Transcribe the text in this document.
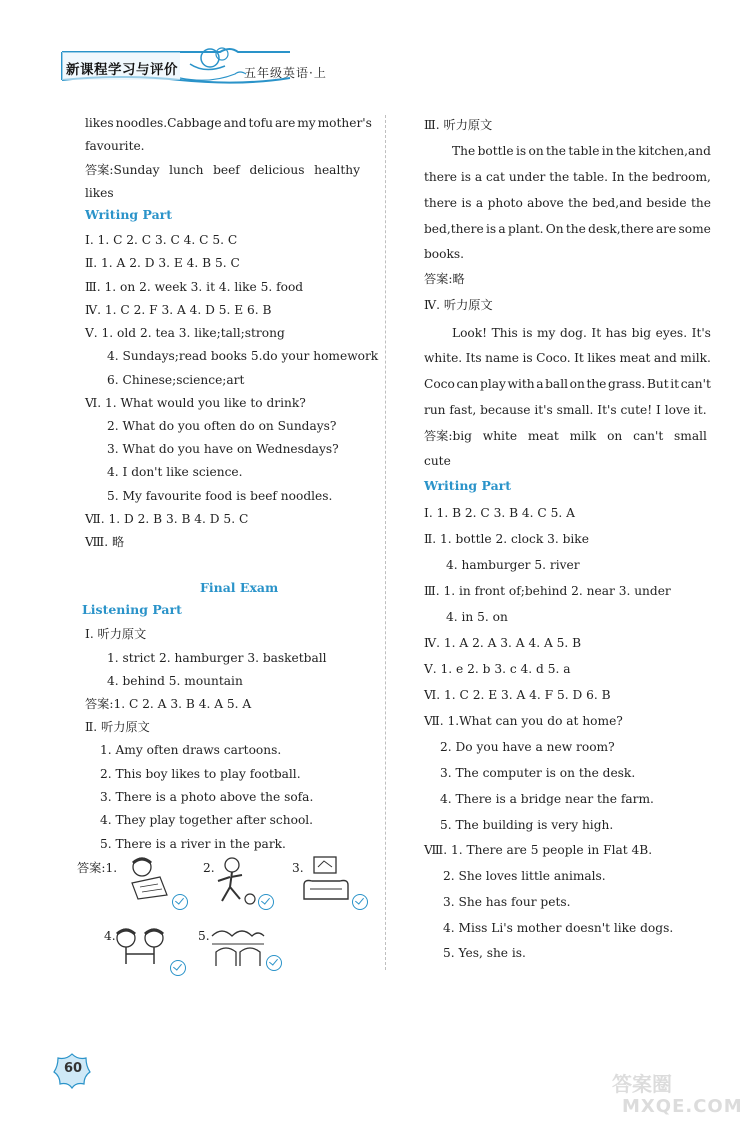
新课程学习与评价	五年级英语·上
likes noodles.Cabbage and tofu are my mother's
favourite.
答案:Sunday lunch beef delicious healthy
likes
Writing Part
Ⅰ. 1. C 2. C 3. C 4. C 5. C
Ⅱ. 1. A 2. D 3. E 4. B 5. C
Ⅲ. 1. on 2. week 3. it 4. like 5. food
Ⅳ. 1. C 2. F 3. A 4. D 5. E 6. B
Ⅴ. 1. old 2. tea 3. like;tall;strong
4. Sundays;read books 5.do your homework
6. Chinese;science;art
Ⅵ. 1. What would you like to drink?
2. What do you often do on Sundays?
3. What do you have on Wednesdays?
4. I don't like science.
5. My favourite food is beef noodles.
Ⅶ. 1. D 2. B 3. B 4. D 5. C
Ⅷ. 略
Final Exam
Listening Part
Ⅰ. 听力原文
1. strict 2. hamburger 3. basketball
4. behind 5. mountain
答案:1. C 2. A 3. B 4. A 5. A
Ⅱ. 听力原文
1. Amy often draws cartoons.
2. This boy likes to play football.
3. There is a photo above the sofa.
4. They play together after school.
5. There is a river in the park.
答案:1.	2.	3.
4.	5.
Ⅲ. 听力原文
The bottle is on the table in the kitchen,and
there is a cat under the table. In the bedroom,
there is a photo above the bed,and beside the
bed,there is a plant. On the desk,there are some
books.
答案:略
Ⅳ. 听力原文
Look! This is my dog. It has big eyes. It's
white. Its name is Coco. It likes meat and milk.
Coco can play with a ball on the grass. But it can't
run fast, because it's small. It's cute! I love it.
答案:big white meat milk on can't small
cute
Writing Part
Ⅰ. 1. B 2. C 3. B 4. C 5. A
Ⅱ. 1. bottle 2. clock 3. bike
4. hamburger 5. river
Ⅲ. 1. in front of;behind 2. near 3. under
4. in 5. on
Ⅳ. 1. A 2. A 3. A 4. A 5. B
Ⅴ. 1. e 2. b 3. c 4. d 5. a
Ⅵ. 1. C 2. E 3. A 4. F 5. D 6. B
Ⅶ. 1.What can you do at home?
2. Do you have a new room?
3. The computer is on the desk.
4. There is a bridge near the farm.
5. The building is very high.
Ⅷ. 1. There are 5 people in Flat 4B.
2. She loves little animals.
3. She has four pets.
4. Miss Li's mother doesn't like dogs.
5. Yes, she is.
60
答案圈
MXQE.COM
